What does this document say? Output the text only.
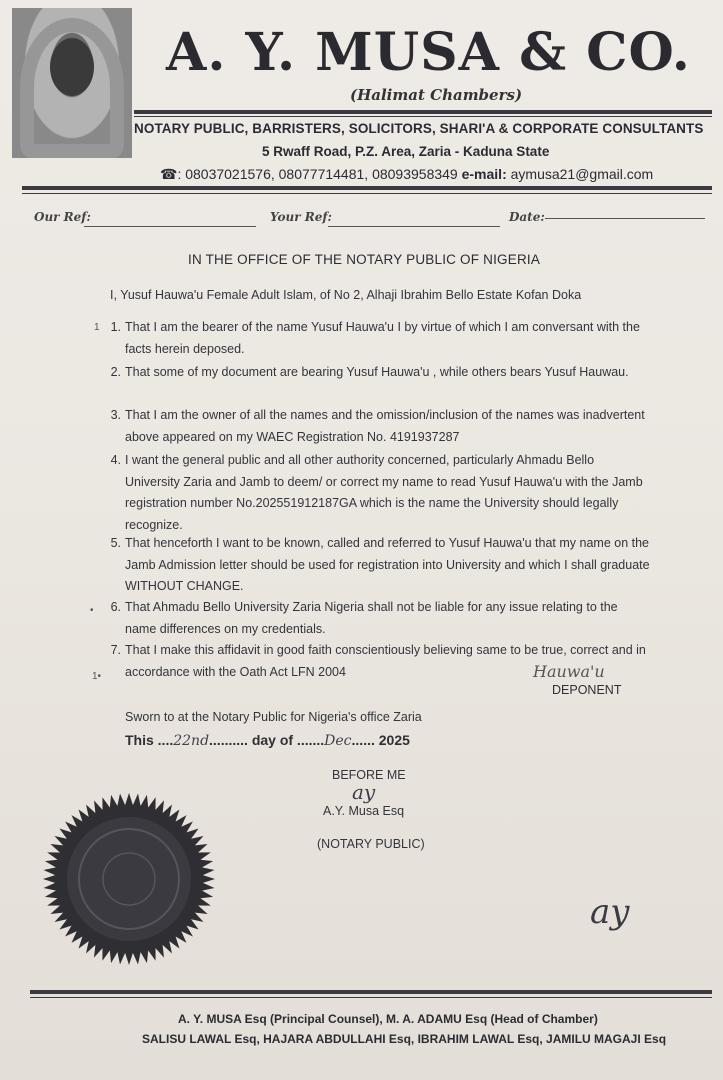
A. Y. MUSA & CO.
(Halimat Chambers)
NOTARY PUBLIC, BARRISTERS, SOLICITORS, SHARI'A & CORPORATE CONSULTANTS
5 Rwaff Road, P.Z. Area, Zaria - Kaduna State
☎: 08037021576, 08077714481, 08093958349 e-mail: aymusa21@gmail.com
Our Ref:	Your Ref:	Date:
IN THE OFFICE OF THE NOTARY PUBLIC OF NIGERIA
I, Yusuf Hauwa'u Female Adult Islam, of No 2, Alhaji Ibrahim Bello Estate Kofan Doka
1. That I am the bearer of the name Yusuf Hauwa'u I by virtue of which I am conversant with the facts herein deposed.
2. That some of my document are bearing Yusuf Hauwa'u , while others bears Yusuf Hauwau.
3. That I am the owner of all the names and the omission/inclusion of the names was inadvertent above appeared on my WAEC Registration No. 4191937287
4. I want the general public and all other authority concerned, particularly Ahmadu Bello University Zaria and Jamb to deem/ or correct my name to read Yusuf Hauwa'u with the Jamb registration number No.202551912187GA which is the name the University should legally recognize.
5. That henceforth I want to be known, called and referred to Yusuf Hauwa'u that my name on the Jamb Admission letter should be used for registration into University and which I shall graduate WITHOUT CHANGE.
6. That Ahmadu Bello University Zaria Nigeria shall not be liable for any issue relating to the name differences on my credentials.
7. That I make this affidavit in good faith conscientiously believing same to be true, correct and in accordance with the Oath Act LFN 2004	Hauwa'u
DEPONENT
Sworn to at the Notary Public for Nigeria's office Zaria
This ....22nd.......... day of .......Dec...... 2025
BEFORE ME
ay
A.Y. Musa Esq
(NOTARY PUBLIC)
ay
1
•
1•
A. Y. MUSA Esq (Principal Counsel), M. A. ADAMU Esq (Head of Chamber)
SALISU LAWAL Esq, HAJARA ABDULLAHI Esq, IBRAHIM LAWAL Esq, JAMILU MAGAJI Esq
